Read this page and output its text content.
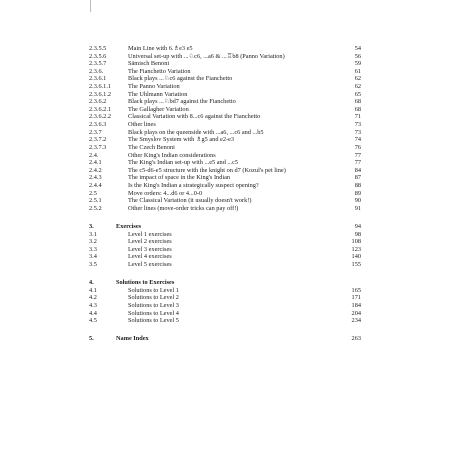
2.3.5.5	Main Line with 6.♗e3 e5	54
2.3.5.6	Universal set-up with ...♘c6, ...a6 & ...♖b8 (Panno Variation)	56
2.3.5.7	Sämisch Benoni	59
2.3.6.	The Fianchetto Variation	61
2.3.6.1	Black plays ...♘c6 against the Fianchetto	62
2.3.6.1.1	The Panno Variation	62
2.3.6.1.2	The Uhlmann Variation	65
2.3.6.2	Black plays ...♘bd7 against the Fianchetto	68
2.3.6.2.1	The Gallagher Variation	68
2.3.6.2.2	Classical Variation with 8...c6 against the Fianchetto	71
2.3.6.3	Other lines	73
2.3.7	Black plays on the queenside with ...a6, ...c6 and ...b5	73
2.3.7.2	The Smyslov System with ♗g5 and e2-e3	74
2.3.7.3	The Czech Benoni	76
2.4.	Other King's Indian considerations	77
2.4.1	The King's Indian set-up with ...e5 and ...c5	77
2.4.2	The c5-d6-e5 structure with the knight on d7 (Kozul's pet line)	84
2.4.3	The impact of space in the King's Indian	87
2.4.4	Is the King's Indian a strategically suspect opening?	88
2.5	Move orders: 4...d6 or 4...0-0	89
2.5.1	The Classical Variation (it usually doesn't work!)	90
2.5.2	Other lines (move-order tricks can pay off!)	91
3.	Exercises	94
3.1	Level 1 exercises	98
3.2	Level 2 exercises	108
3.3	Level 3 exercises	123
3.4	Level 4 exercises	140
3.5	Level 5 exercises	155
4.	Solutions to Exercises
4.1	Solutions to Level 1	165
4.2	Solutions to Level 2	171
4.3	Solutions to Level 3	184
4.4	Solutions to Level 4	204
4.5	Solutions to Level 5	234
5.	Name Index	263
